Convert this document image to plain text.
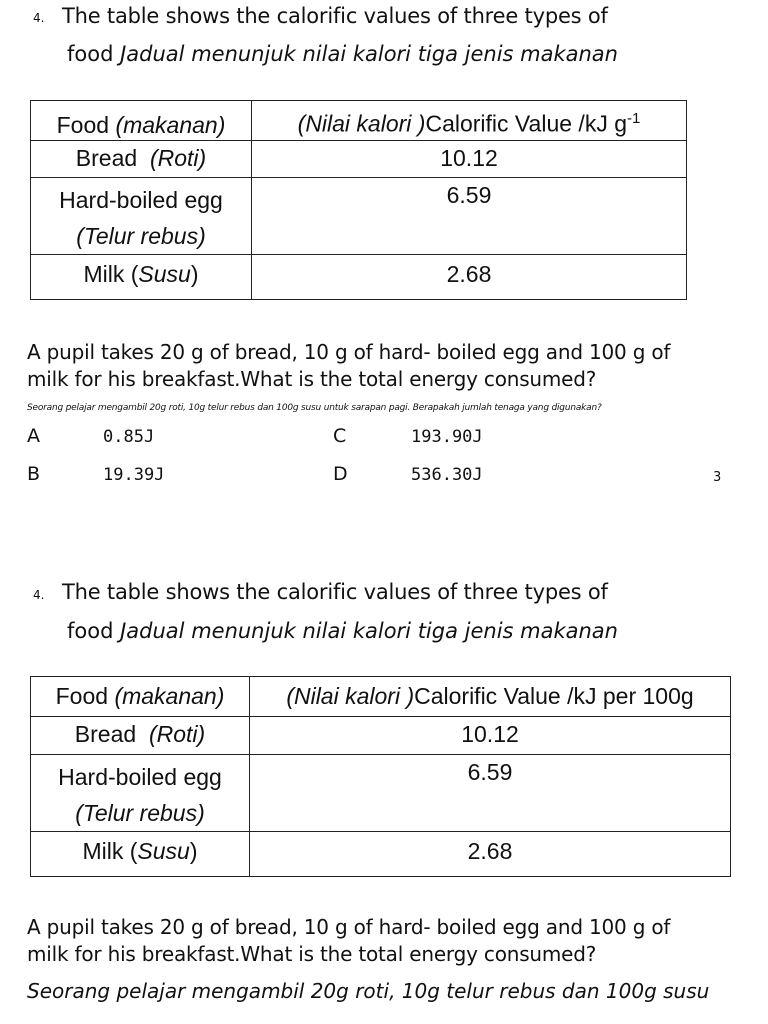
4. The table shows the calorific values of three types of
food Jadual menunjuk nilai kalori tiga jenis makanan
Food (makanan)	(Nilai kalori )Calorific Value /kJ $g^{-1}$
Bread (Roti)	10.12
Hard-boiled egg
(Telur rebus)	6.59
Milk (Susu)	2.68
A pupil takes 20 g of bread, 10 g of hard- boiled egg and 100 g of
milk for his breakfast.What is the total energy consumed?
Seorang pelajar mengambil 20g roti, 10g telur rebus dan 100g susu untuk sarapan pagi. Berapakah jumlah tenaga yang digunakan?
A	0.85J
B	19.39J
C	193.90J
D	536.30J	3
4. The table shows the calorific values of three types of
food Jadual menunjuk nilai kalori tiga jenis makanan
Food (makanan)	(Nilai kalori )Calorific Value /kJ per 100g
Bread (Roti)	10.12
Hard-boiled egg
(Telur rebus)	6.59
Milk (Susu)	2.68
A pupil takes 20 g of bread, 10 g of hard- boiled egg and 100 g of
milk for his breakfast.What is the total energy consumed?
Seorang pelajar mengambil 20g roti, 10g telur rebus dan 100g susu
